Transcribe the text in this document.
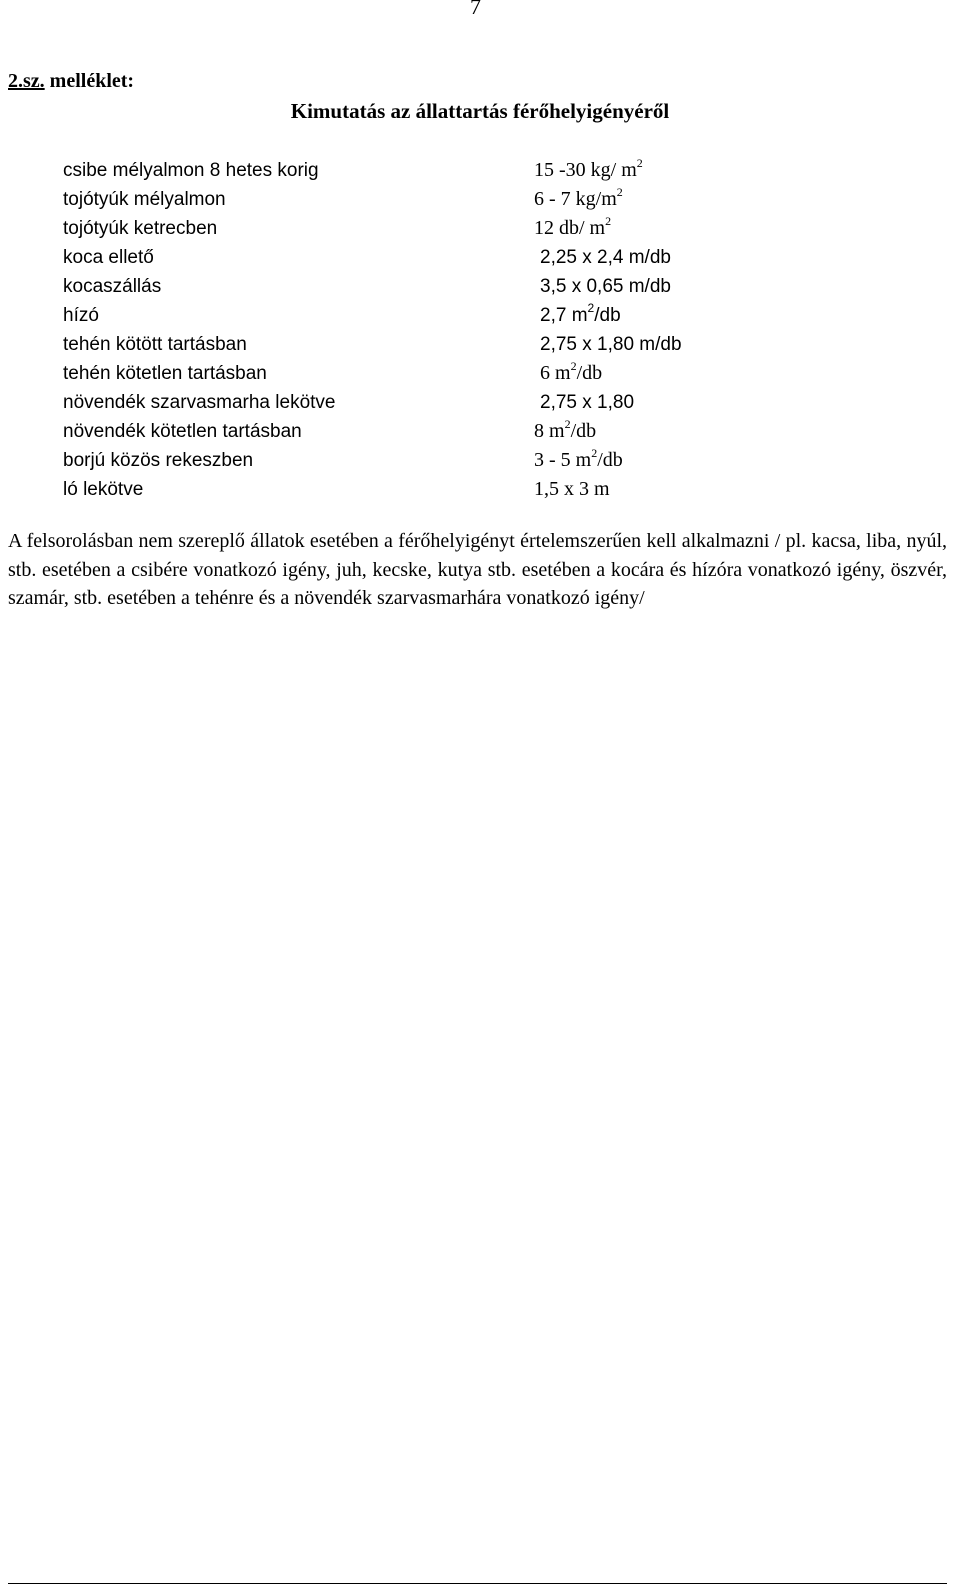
7
2.sz. melléklet:
Kimutatás az állattartás férőhelyigényéről
csibe mélyalmon 8 hetes korig	15 -30 kg/ $m^2$
tojótyúk mélyalmon	6 - 7 $kg/m^2$
tojótyúk ketrecben	12 db/ $m^2$
koca ellető	2,25 x 2,4 m/db
kocaszállás	3,5 x 0,65 m/db
hízó	2,7 $m^2/db$
tehén kötött tartásban	2,75 x 1,80 m/db
tehén kötetlen tartásban	6 $m^2/db$
növendék szarvasmarha lekötve	2,75 x 1,80
növendék kötetlen tartásban	8 $m^2/db$
borjú közös rekeszben	3 - 5 $m^2/db$
ló lekötve	1,5 x 3 m
A felsorolásban nem szereplő állatok esetében a férőhelyigényt értelemszerűen kell alkalmazni / pl. kacsa, liba, nyúl, stb. esetében a csibére vonatkozó igény, juh, kecske, kutya stb. esetében a kocára és hízóra vonatkozó igény, öszvér, szamár, stb. esetében a tehénre és a növendék szarvasmarhára vonatkozó igény/
